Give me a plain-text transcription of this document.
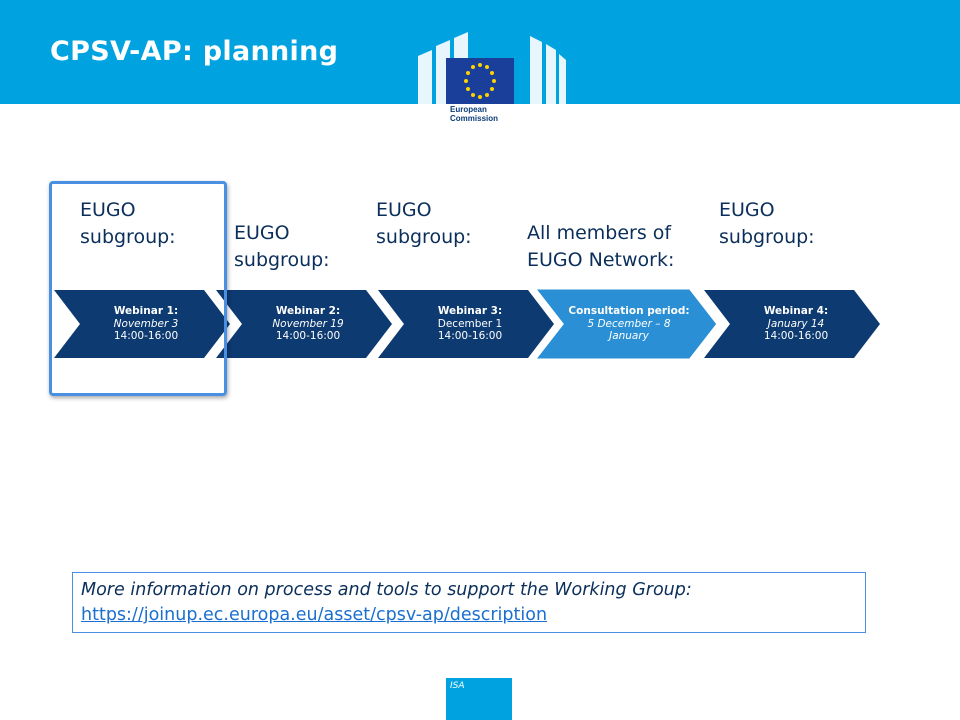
CPSV-AP: planning
European
Commission
EUGO subgroup:	EUGO subgroup:
EUGO subgroup:	All members of EUGO Network:
EUGO subgroup:
Webinar 1:
November 3
14:00-16:00
Webinar 2:
November 19
14:00-16:00
Webinar 3:
December 1
14:00-16:00
Consultation period:
5 December – 8 January
Webinar 4:
January 14
14:00-16:00
More information on process and tools to support the Working Group:
https://joinup.ec.europa.eu/asset/cpsv-ap/description
ISA
